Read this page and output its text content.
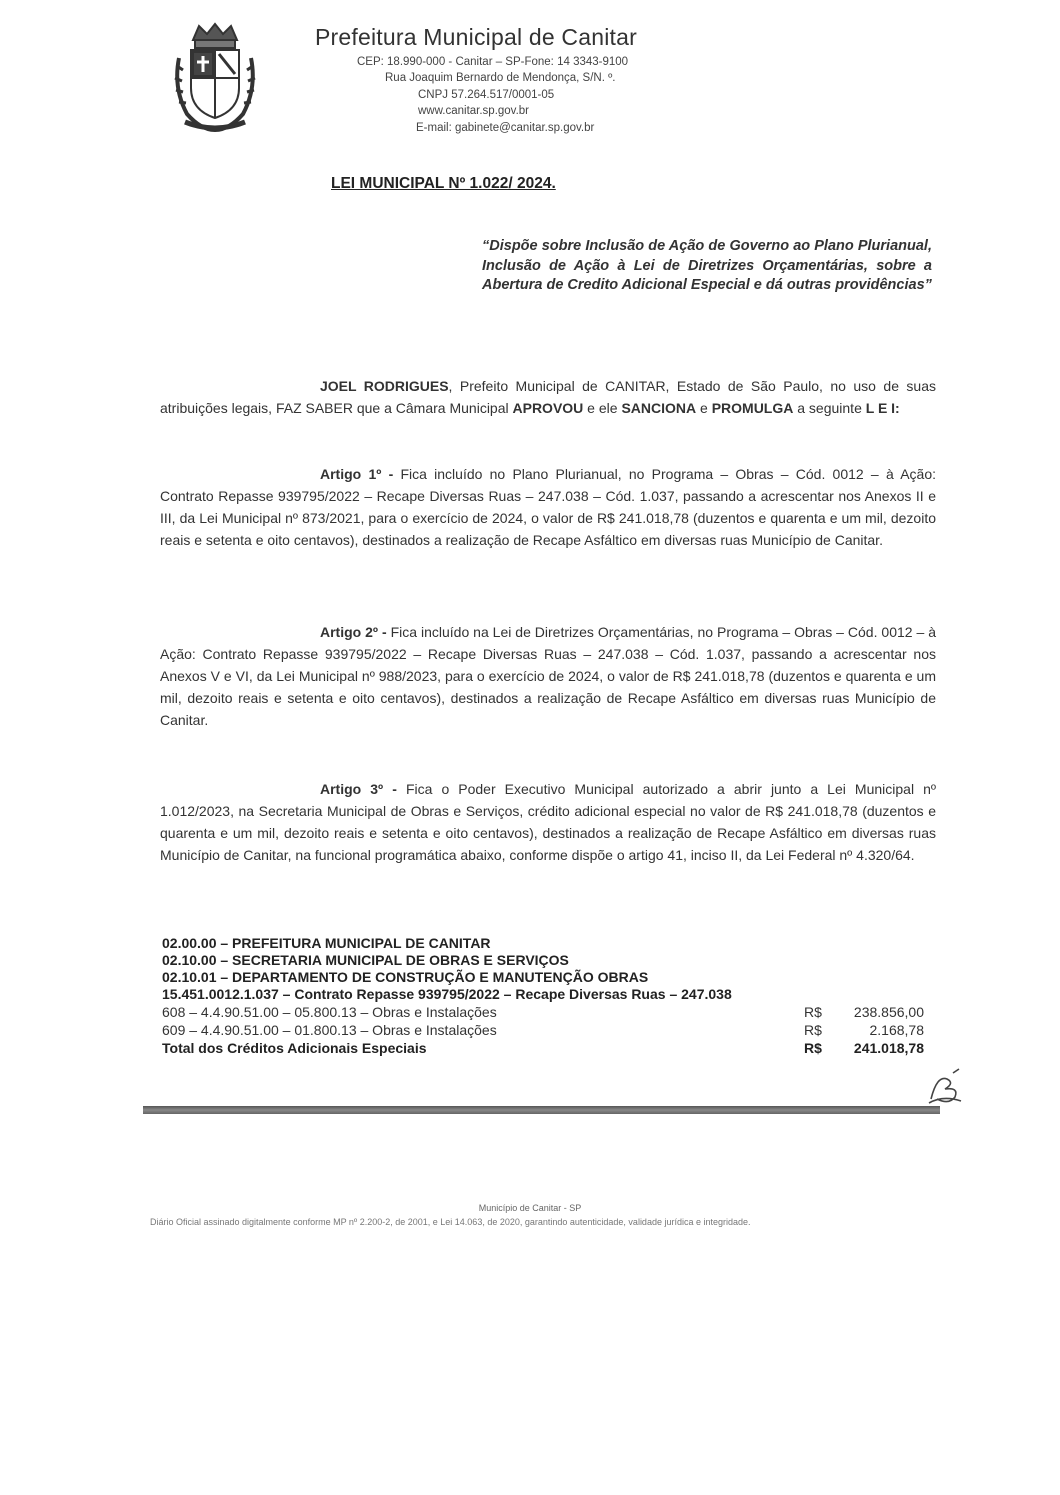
Prefeitura Municipal de Canitar
CEP: 18.990-000 - Canitar – SP-Fone: 14 3343-9100
Rua Joaquim Bernardo de Mendonça, S/N. º.
CNPJ 57.264.517/0001-05
www.canitar.sp.gov.br
E-mail: gabinete@canitar.sp.gov.br
LEI MUNICIPAL Nº 1.022/ 2024.
“Dispõe sobre Inclusão de Ação de Governo ao Plano Plurianual, Inclusão de Ação à Lei de Diretrizes Orçamentárias, sobre a Abertura de Credito Adicional Especial e dá outras providências”
JOEL RODRIGUES, Prefeito Municipal de CANITAR, Estado de São Paulo, no uso de suas atribuições legais, FAZ SABER que a Câmara Municipal APROVOU e ele SANCIONA e PROMULGA a seguinte L E I:
Artigo 1º - Fica incluído no Plano Plurianual, no Programa – Obras – Cód. 0012 – à Ação: Contrato Repasse 939795/2022 – Recape Diversas Ruas – 247.038 – Cód. 1.037, passando a acrescentar nos Anexos II e III, da Lei Municipal nº 873/2021, para o exercício de 2024, o valor de R$ 241.018,78 (duzentos e quarenta e um mil, dezoito reais e setenta e oito centavos), destinados a realização de Recape Asfáltico em diversas ruas Município de Canitar.
Artigo 2º - Fica incluído na Lei de Diretrizes Orçamentárias, no Programa – Obras – Cód. 0012 – à Ação: Contrato Repasse 939795/2022 – Recape Diversas Ruas – 247.038 – Cód. 1.037, passando a acrescentar nos Anexos V e VI, da Lei Municipal nº 988/2023, para o exercício de 2024, o valor de R$ 241.018,78 (duzentos e quarenta e um mil, dezoito reais e setenta e oito centavos), destinados a realização de Recape Asfáltico em diversas ruas Município de Canitar.
Artigo 3º - Fica o Poder Executivo Municipal autorizado a abrir junto a Lei Municipal nº 1.012/2023, na Secretaria Municipal de Obras e Serviços, crédito adicional especial no valor de R$ 241.018,78 (duzentos e quarenta e um mil, dezoito reais e setenta e oito centavos), destinados a realização de Recape Asfáltico em diversas ruas Município de Canitar, na funcional programática abaixo, conforme dispõe o artigo 41, inciso II, da Lei Federal nº 4.320/64.
02.00.00 – PREFEITURA MUNICIPAL DE CANITAR
02.10.00 – SECRETARIA MUNICIPAL DE OBRAS E SERVIÇOS
02.10.01 – DEPARTAMENTO DE CONSTRUÇÃO E MANUTENÇÃO OBRAS
15.451.0012.1.037 – Contrato Repasse 939795/2022 – Recape Diversas Ruas – 247.038
608 – 4.4.90.51.00 – 05.800.13 – Obras e Instalações	R$ 238.856,00
609 – 4.4.90.51.00 – 01.800.13 – Obras e Instalações	R$	2.168,78
Total dos Créditos Adicionais Especiais	R$ 241.018,78
Município de Canitar - SP
Diário Oficial assinado digitalmente conforme MP nº 2.200-2, de 2001, e Lei 14.063, de 2020, garantindo autenticidade, validade jurídica e integridade.
